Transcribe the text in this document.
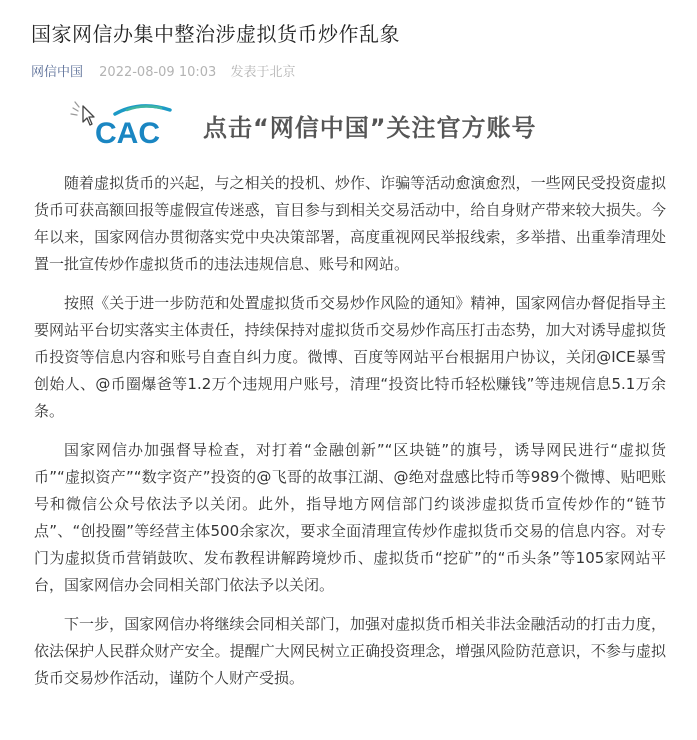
国家网信办集中整治涉虚拟货币炒作乱象
网信中国 2022-08-09 10:03 发表于北京
CAC 点击“网信中国”关注官方账号

随着虚拟货币的兴起，与之相关的投机、炒作、诈骗等活动愈演愈烈，一些网民受投资虚拟货币可获高额回报等虚假宣传迷惑，盲目参与到相关交易活动中，给自身财产带来较大损失。今年以来，国家网信办贯彻落实党中央决策部署，高度重视网民举报线索，多举措、出重拳清理处置一批宣传炒作虚拟货币的违法违规信息、账号和网站。

按照《关于进一步防范和处置虚拟货币交易炒作风险的通知》精神，国家网信办督促指导主要网站平台切实落实主体责任，持续保持对虚拟货币交易炒作高压打击态势，加大对诱导虚拟货币投资等信息内容和账号自查自纠力度。微博、百度等网站平台根据用户协议，关闭@ICE暴雪创始人、@币圈爆爸等1.2万个违规用户账号，清理“投资比特币轻松赚钱”等违规信息5.1万余条。

国家网信办加强督导检查，对打着“金融创新”“区块链”的旗号，诱导网民进行“虚拟货币”“虚拟资产”“数字资产”投资的@飞哥的故事江湖、@绝对盘感比特币等989个微博、贴吧账号和微信公众号依法予以关闭。此外，指导地方网信部门约谈涉虚拟货币宣传炒作的“链节点”、“创投圈”等经营主体500余家次，要求全面清理宣传炒作虚拟货币交易的信息内容。对专门为虚拟货币营销鼓吹、发布教程讲解跨境炒币、虚拟货币“挖矿”的“币头条”等105家网站平台，国家网信办会同相关部门依法予以关闭。

下一步，国家网信办将继续会同相关部门，加强对虚拟货币相关非法金融活动的打击力度，依法保护人民群众财产安全。提醒广大网民树立正确投资理念，增强风险防范意识，不参与虚拟货币交易炒作活动，谨防个人财产受损。
